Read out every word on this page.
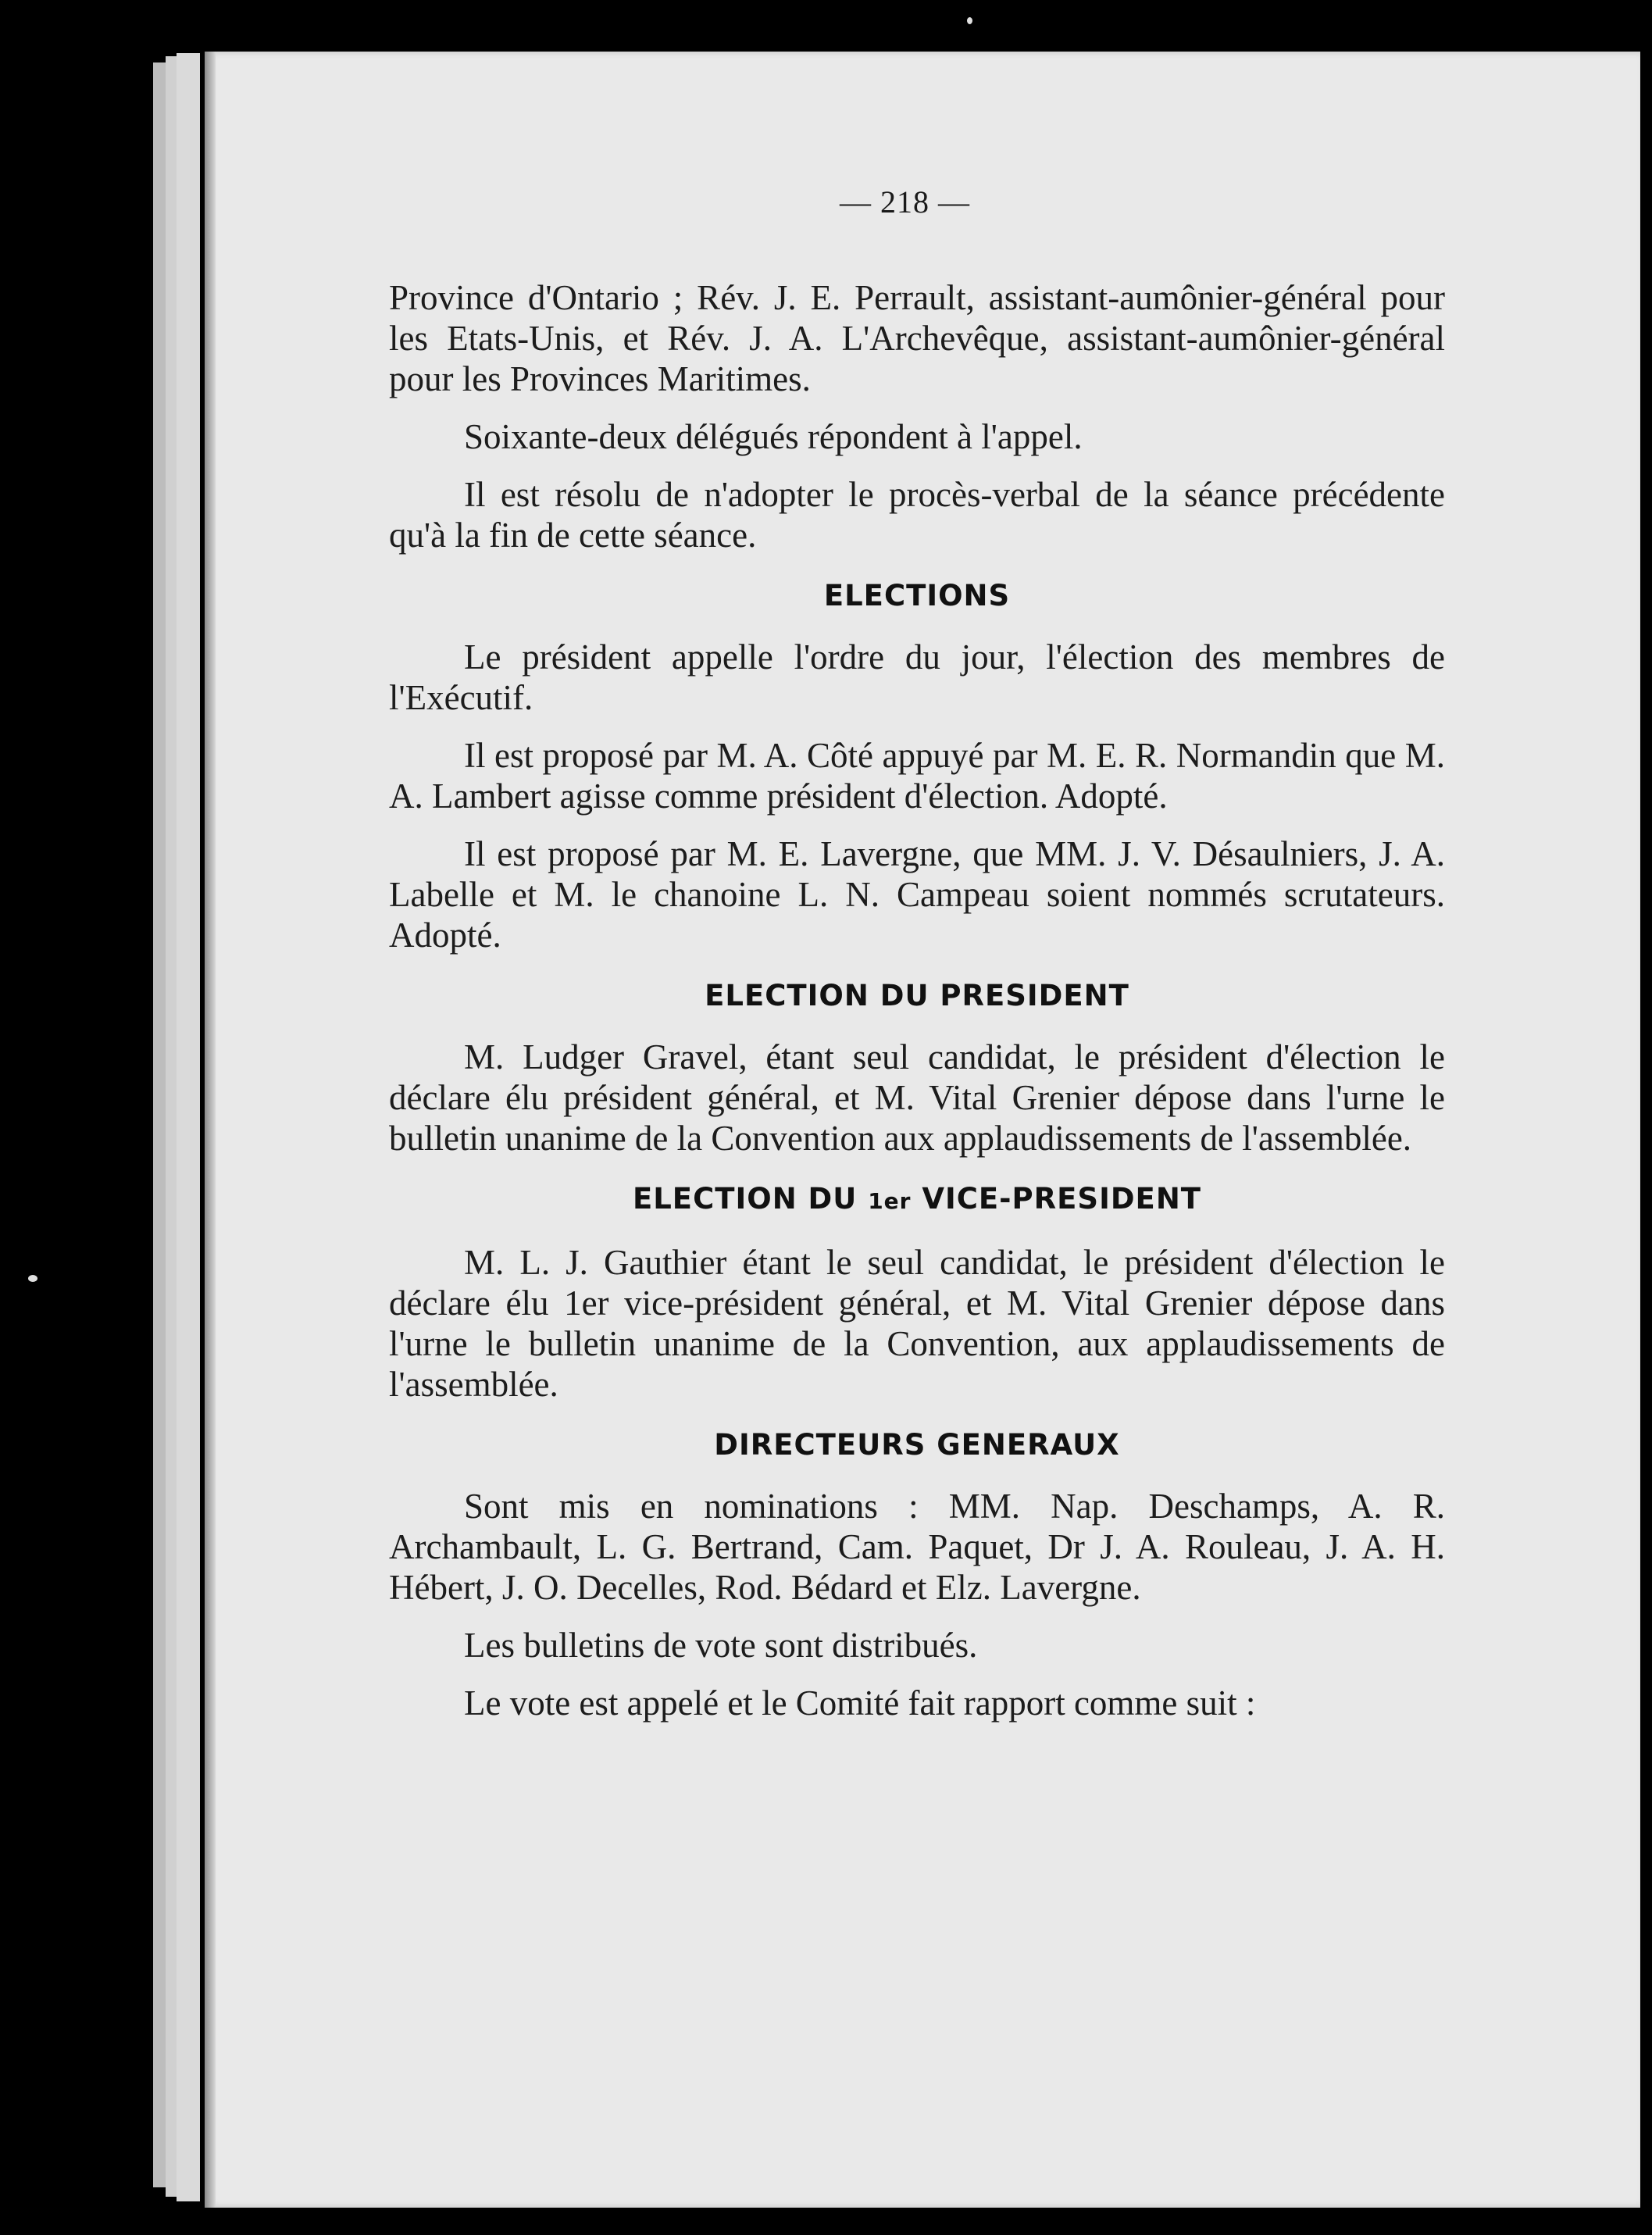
— 218 —

Province d'Ontario ; Rév. J. E. Perrault, assistant-aumônier-général pour les Etats-Unis, et Rév. J. A. L'Archevêque, assistant-aumônier-général pour les Provinces Maritimes.

Soixante-deux délégués répondent à l'appel.

Il est résolu de n'adopter le procès-verbal de la séance précédente qu'à la fin de cette séance.

ELECTIONS

Le président appelle l'ordre du jour, l'élection des membres de l'Exécutif.

Il est proposé par M. A. Côté appuyé par M. E. R. Normandin que M. A. Lambert agisse comme président d'élection. Adopté.

Il est proposé par M. E. Lavergne, que MM. J. V. Désaulniers, J. A. Labelle et M. le chanoine L. N. Campeau soient nommés scrutateurs. Adopté.

ELECTION DU PRESIDENT

M. Ludger Gravel, étant seul candidat, le président d'élection le déclare élu président général, et M. Vital Grenier dépose dans l'urne le bulletin unanime de la Convention aux applaudissements de l'assemblée.

ELECTION DU 1er VICE-PRESIDENT

M. L. J. Gauthier étant le seul candidat, le président d'élection le déclare élu 1er vice-président général, et M. Vital Grenier dépose dans l'urne le bulletin unanime de la Convention, aux applaudissements de l'assemblée.

DIRECTEURS GENERAUX

Sont mis en nominations : MM. Nap. Deschamps, A. R. Archambault, L. G. Bertrand, Cam. Paquet, Dr J. A. Rouleau, J. A. H. Hébert, J. O. Decelles, Rod. Bédard et Elz. Lavergne.

Les bulletins de vote sont distribués.

Le vote est appelé et le Comité fait rapport comme suit :
